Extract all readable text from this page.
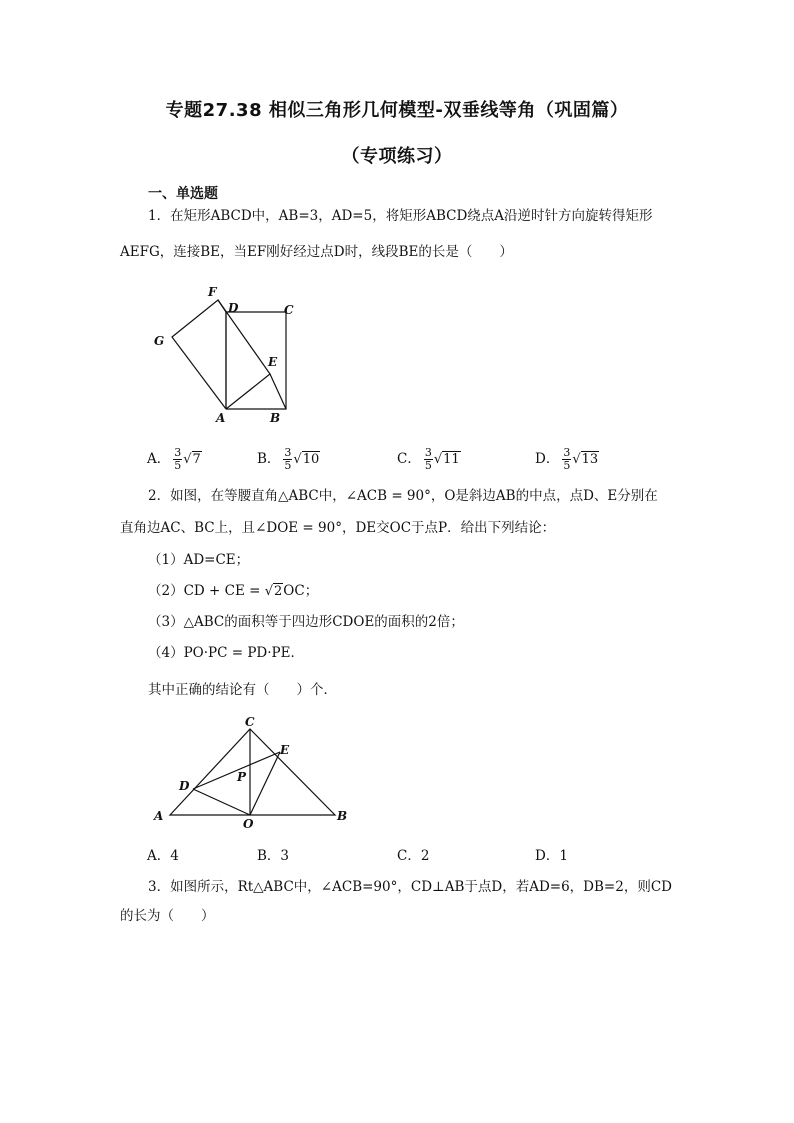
专题27.38 相似三角形几何模型-双垂线等角（巩固篇）
（专项练习）
一、单选题
1．在矩形ABCD中，AB=3，AD=5，将矩形ABCD绕点A沿逆时针方向旋转得矩形
AEFG，连接BE，当EF刚好经过点D时，线段BE的长是（　　）
F
D	C
G
E
A	B
A． $\frac{3}{5} √7$	B． $\frac{3}{5} √10$	C． $\frac{3}{5} √11$	D． $\frac{3}{5} √13$
2．如图，在等腰直角△ABC中，∠ACB = 90°，O是斜边AB的中点，点D、E分别在
直角边AC、BC上，且∠DOE = 90°，DE交OC于点P．给出下列结论：
（1）AD=CE；
（2）CD + CE = √2OC；
（3）△ABC的面积等于四边形CDOE的面积的2倍；
（4）PO·PC = PD·PE．
其中正确的结论有（　　）个．
C
E
P
D
A
O
B
A．4	B．3	C．2	D．1
3．如图所示，Rt△ABC中，∠ACB=90°，CD⊥AB于点D，若AD=6，DB=2，则CD
的长为（　　）
